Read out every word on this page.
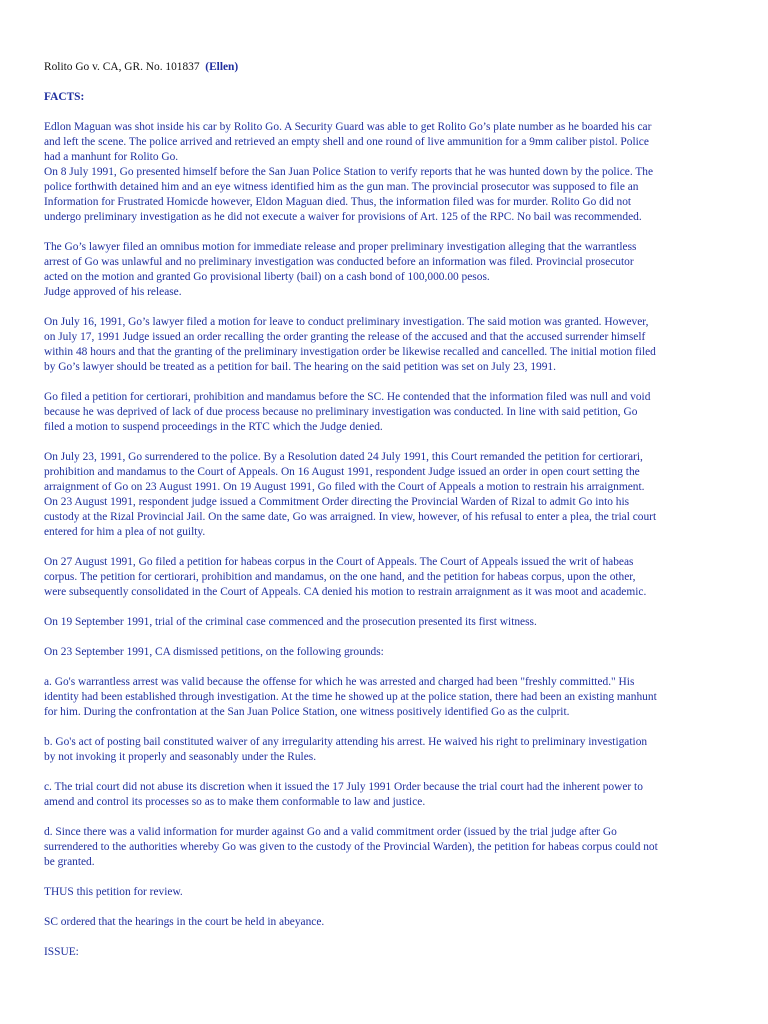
Rolito Go v. CA, GR. No. 101837 (Ellen)
FACTS:
Edlon Maguan was shot inside his car by Rolito Go. A Security Guard was able to get Rolito Go’s plate number as he boarded his car
and left the scene. The police arrived and retrieved an empty shell and one round of live ammunition for a 9mm caliber pistol. Police
had a manhunt for Rolito Go.
On 8 July 1991, Go presented himself before the San Juan Police Station to verify reports that he was hunted down by the police. The
police forthwith detained him and an eye witness identified him as the gun man. The provincial prosecutor was supposed to file an
Information for Frustrated Homicde however, Eldon Maguan died. Thus, the information filed was for murder. Rolito Go did not
undergo preliminary investigation as he did not execute a waiver for provisions of Art. 125 of the RPC. No bail was recommended.
The Go’s lawyer filed an omnibus motion for immediate release and proper preliminary investigation alleging that the warrantless
arrest of Go was unlawful and no preliminary investigation was conducted before an information was filed. Provincial prosecutor
acted on the motion and granted Go provisional liberty (bail) on a cash bond of 100,000.00 pesos.
Judge approved of his release.
On July 16, 1991, Go’s lawyer filed a motion for leave to conduct preliminary investigation. The said motion was granted. However,
on July 17, 1991 Judge issued an order recalling the order granting the release of the accused and that the accused surrender himself
within 48 hours and that the granting of the preliminary investigation order be likewise recalled and cancelled. The initial motion filed
by Go’s lawyer should be treated as a petition for bail. The hearing on the said petition was set on July 23, 1991.
Go filed a petition for certiorari, prohibition and mandamus before the SC. He contended that the information filed was null and void
because he was deprived of lack of due process because no preliminary investigation was conducted. In line with said petition, Go
filed a motion to suspend proceedings in the RTC which the Judge denied.
On July 23, 1991, Go surrendered to the police. By a Resolution dated 24 July 1991, this Court remanded the petition for certiorari,
prohibition and mandamus to the Court of Appeals. On 16 August 1991, respondent Judge issued an order in open court setting the
arraignment of Go on 23 August 1991. On 19 August 1991, Go filed with the Court of Appeals a motion to restrain his arraignment.
On 23 August 1991, respondent judge issued a Commitment Order directing the Provincial Warden of Rizal to admit Go into his
custody at the Rizal Provincial Jail. On the same date, Go was arraigned. In view, however, of his refusal to enter a plea, the trial court
entered for him a plea of not guilty.
On 27 August 1991, Go filed a petition for habeas corpus in the Court of Appeals. The Court of Appeals issued the writ of habeas
corpus. The petition for certiorari, prohibition and mandamus, on the one hand, and the petition for habeas corpus, upon the other,
were subsequently consolidated in the Court of Appeals. CA denied his motion to restrain arraignment as it was moot and academic.
On 19 September 1991, trial of the criminal case commenced and the prosecution presented its first witness.
On 23 September 1991, CA dismissed petitions, on the following grounds:
a. Go's warrantless arrest was valid because the offense for which he was arrested and charged had been "freshly committed." His
identity had been established through investigation. At the time he showed up at the police station, there had been an existing manhunt
for him. During the confrontation at the San Juan Police Station, one witness positively identified Go as the culprit.
b. Go's act of posting bail constituted waiver of any irregularity attending his arrest. He waived his right to preliminary investigation
by not invoking it properly and seasonably under the Rules.
c. The trial court did not abuse its discretion when it issued the 17 July 1991 Order because the trial court had the inherent power to
amend and control its processes so as to make them conformable to law and justice.
d. Since there was a valid information for murder against Go and a valid commitment order (issued by the trial judge after Go
surrendered to the authorities whereby Go was given to the custody of the Provincial Warden), the petition for habeas corpus could not
be granted.
THUS this petition for review.
SC ordered that the hearings in the court be held in abeyance.
ISSUE:
